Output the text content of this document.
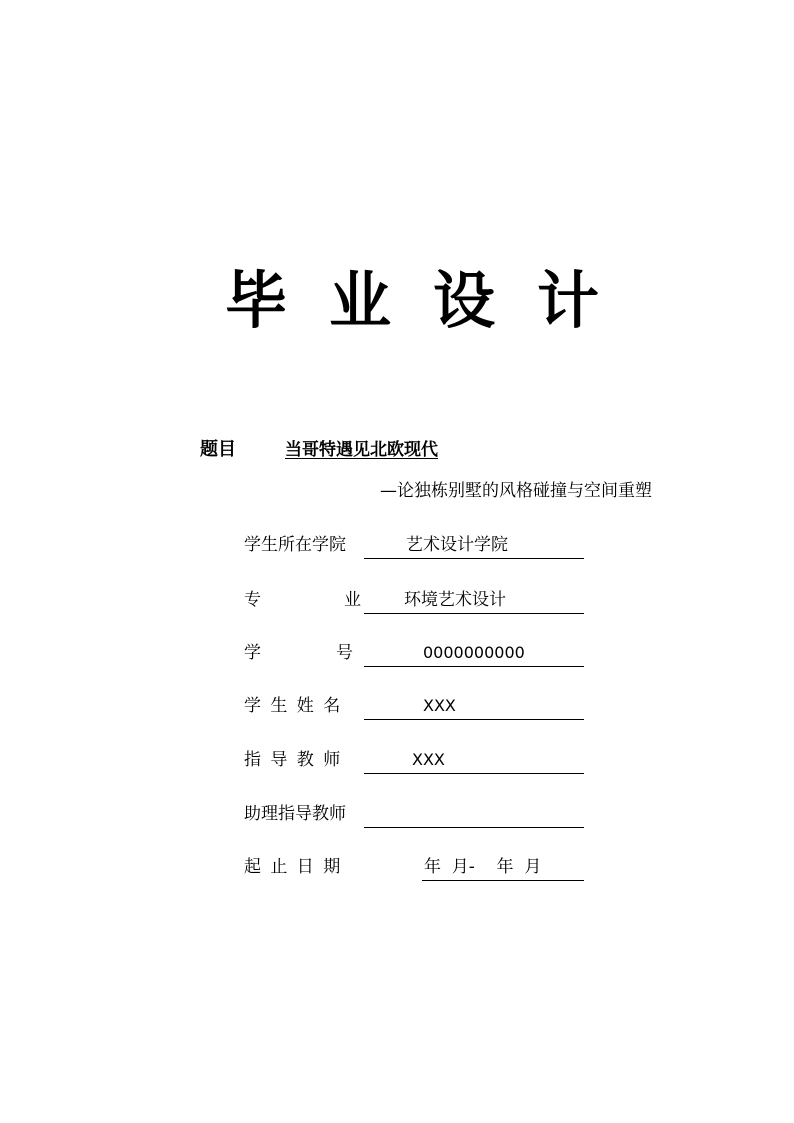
毕 业 设 计
题目	当哥特遇见北欧现代
—论独栋别墅的风格碰撞与空间重塑
学生所在学院	艺术设计学院
专	业	环境艺术设计
学	号	0000000000
学 生 姓 名	XXX
指 导 教 师	XXX
助理指导教师
起 止 日 期	年  月-    年  月
